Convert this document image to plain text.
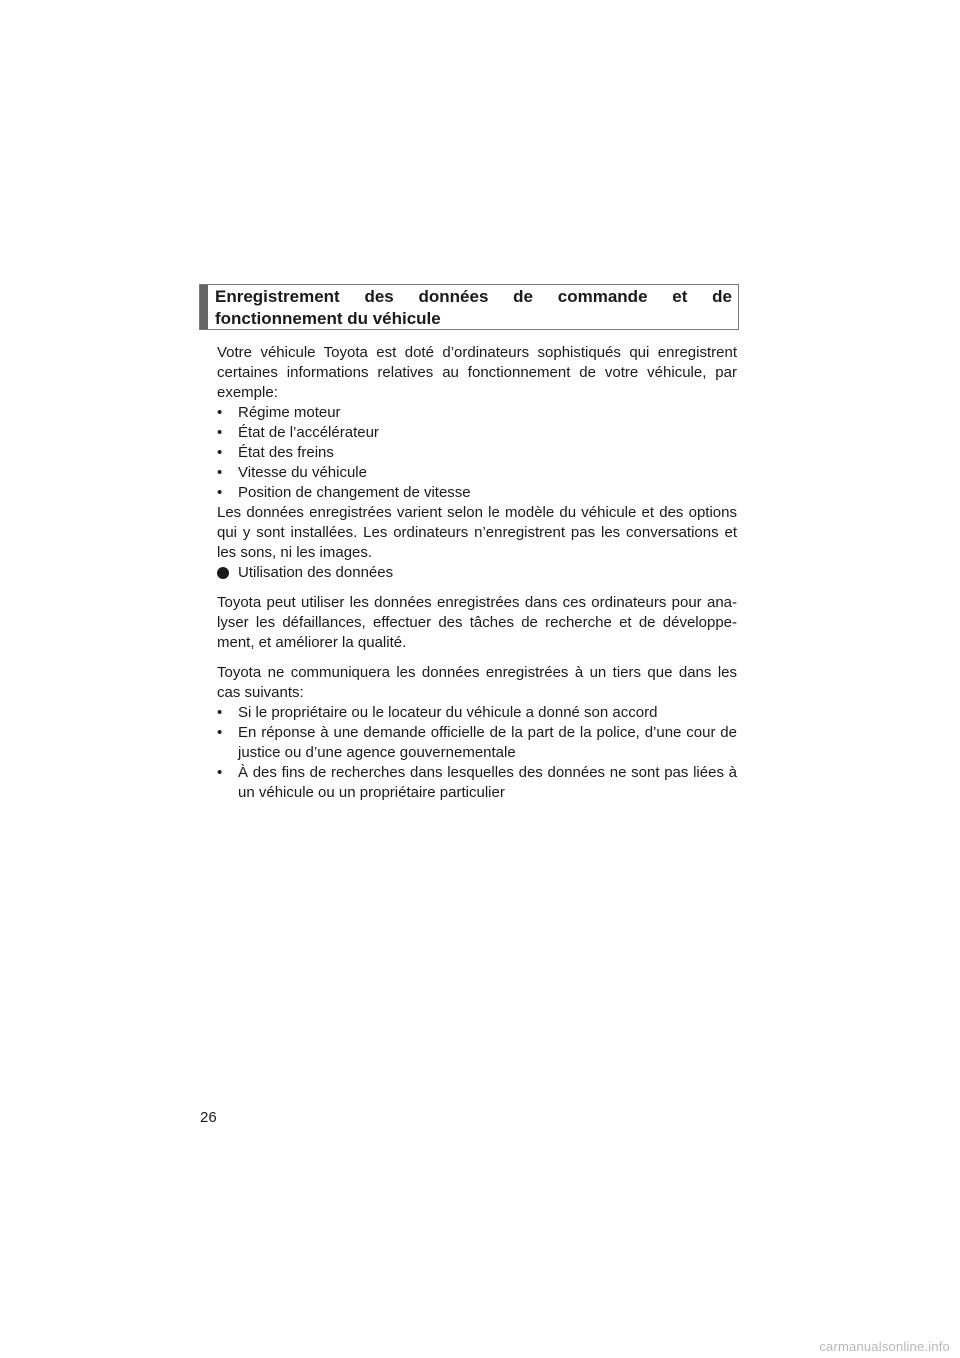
Enregistrement des données de commande et de fonctionnement du véhicule

Votre véhicule Toyota est doté d’ordinateurs sophistiqués qui enregistrent certaines informations relatives au fonctionnement de votre véhicule, par exemple:

• Régime moteur
• État de l’accélérateur
• État des freins
• Vitesse du véhicule
• Position de changement de vitesse

Les données enregistrées varient selon le modèle du véhicule et des options qui y sont installées. Les ordinateurs n’enregistrent pas les conversations et les sons, ni les images.

Utilisation des données

Toyota peut utiliser les données enregistrées dans ces ordinateurs pour ana-lyser les défaillances, effectuer des tâches de recherche et de développe-ment, et améliorer la qualité.

Toyota ne communiquera les données enregistrées à un tiers que dans les cas suivants:

• Si le propriétaire ou le locateur du véhicule a donné son accord
• En réponse à une demande officielle de la part de la police, d’une cour de justice ou d’une agence gouvernementale
• À des fins de recherches dans lesquelles des données ne sont pas liées à un véhicule ou un propriétaire particulier
26
carmanualsonline.info
